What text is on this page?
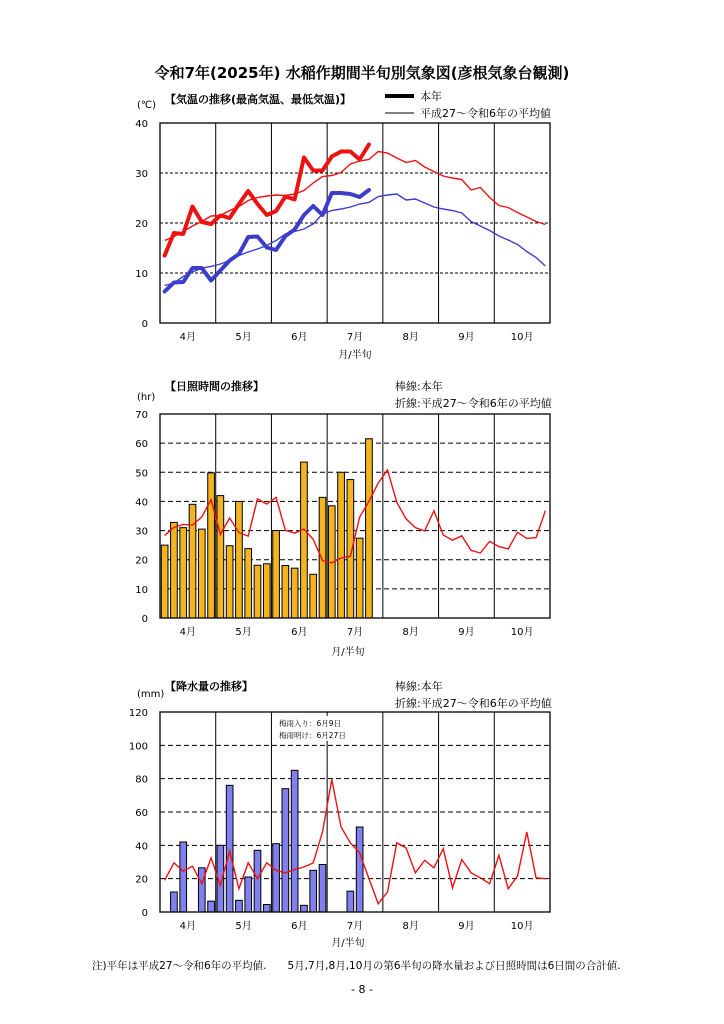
令和7年(2025年) 水稲作期間半旬別気象図(彦根気象台観測)
【気温の推移(最高気温、最低気温)】
(℃)
本年
平成27～令和6年の平均値
0
10
20
30
40
4月	5月	6月	7月	8月	9月	10月
月/半旬
【日照時間の推移】
(hr)
棒線:本年
折線:平成27～令和6年の平均値
0
10
20
30
40
50
60
70
4月	5月	6月	7月	8月	9月	10月
月/半旬
【降水量の推移】
(mm)
棒線:本年
折線:平成27～令和6年の平均値
0
20
40
60
80
100
120
4月	5月	6月	7月	8月	9月	10月
梅雨入り：6月9日
梅雨明け：6月27日
月/半旬
注)平年は平成27～令和6年の平均値.　　5月,7月,8月,10月の第6半旬の降水量および日照時間は6日間の合計値.
- 8 -
